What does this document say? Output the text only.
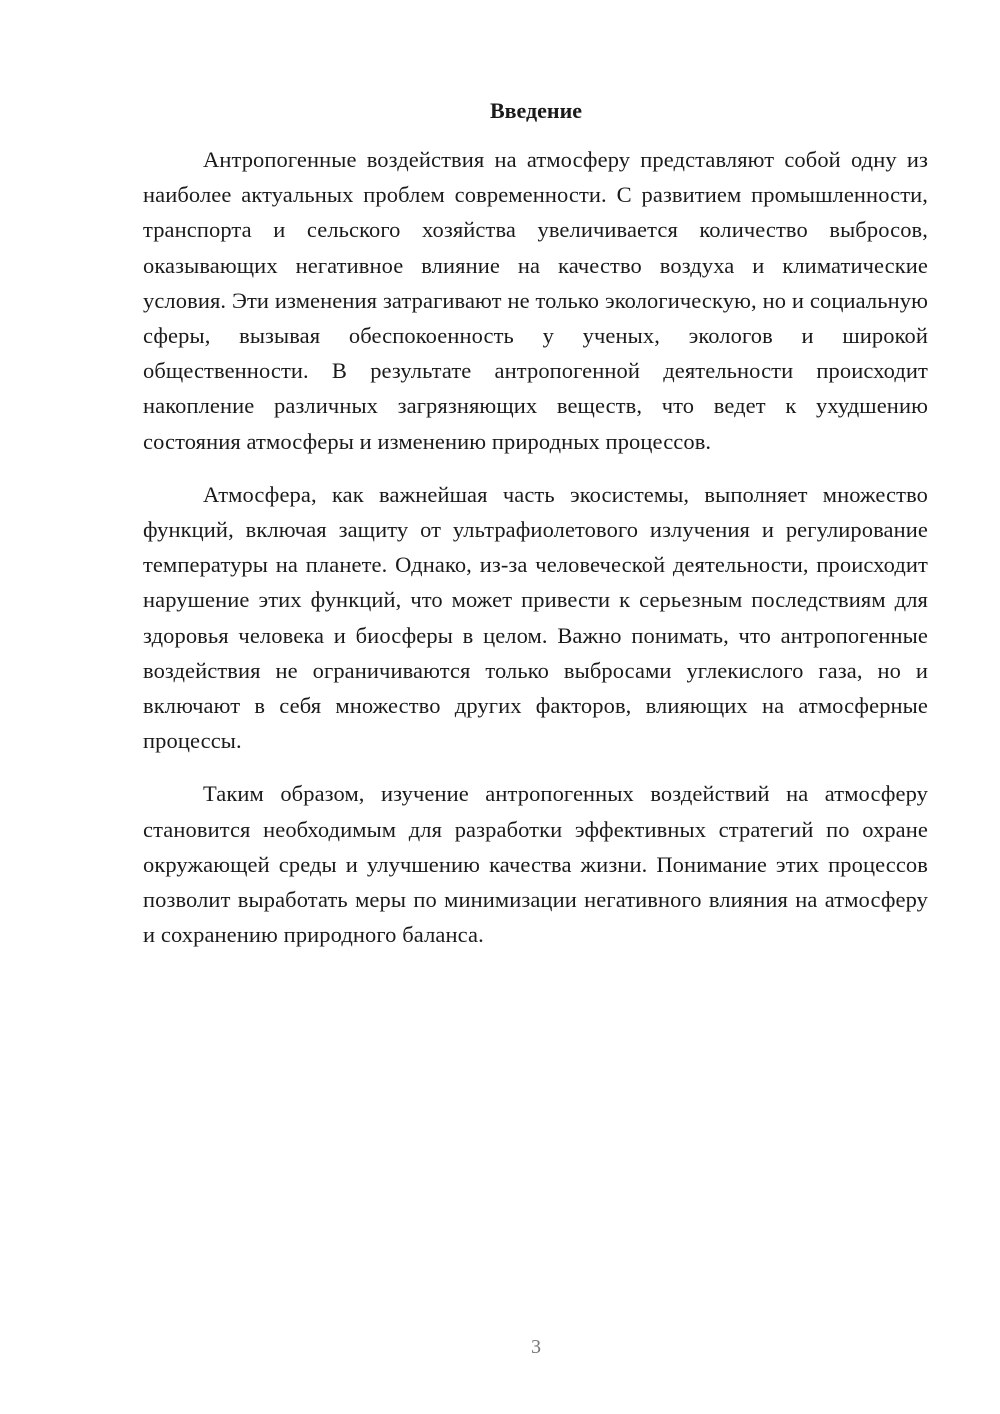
Введение

Антропогенные воздействия на атмосферу представляют собой одну из наиболее актуальных проблем современности. С развитием промышленности, транспорта и сельского хозяйства увеличивается количество выбросов, оказывающих негативное влияние на качество воздуха и климатические условия. Эти изменения затрагивают не только экологическую, но и социальную сферы, вызывая обеспокоенность у ученых, экологов и широкой общественности. В результате антропогенной деятельности происходит накопление различных загрязняющих веществ, что ведет к ухудшению состояния атмосферы и изменению природных процессов.

Атмосфера, как важнейшая часть экосистемы, выполняет множество функций, включая защиту от ультрафиолетового излучения и регулирование температуры на планете. Однако, из-за человеческой деятельности, происходит нарушение этих функций, что может привести к серьезным последствиям для здоровья человека и биосферы в целом. Важно понимать, что антропогенные воздействия не ограничиваются только выбросами углекислого газа, но и включают в себя множество других факторов, влияющих на атмосферные процессы.

Таким образом, изучение антропогенных воздействий на атмосферу становится необходимым для разработки эффективных стратегий по охране окружающей среды и улучшению качества жизни. Понимание этих процессов позволит выработать меры по минимизации негативного влияния на атмосферу и сохранению природного баланса.

3
